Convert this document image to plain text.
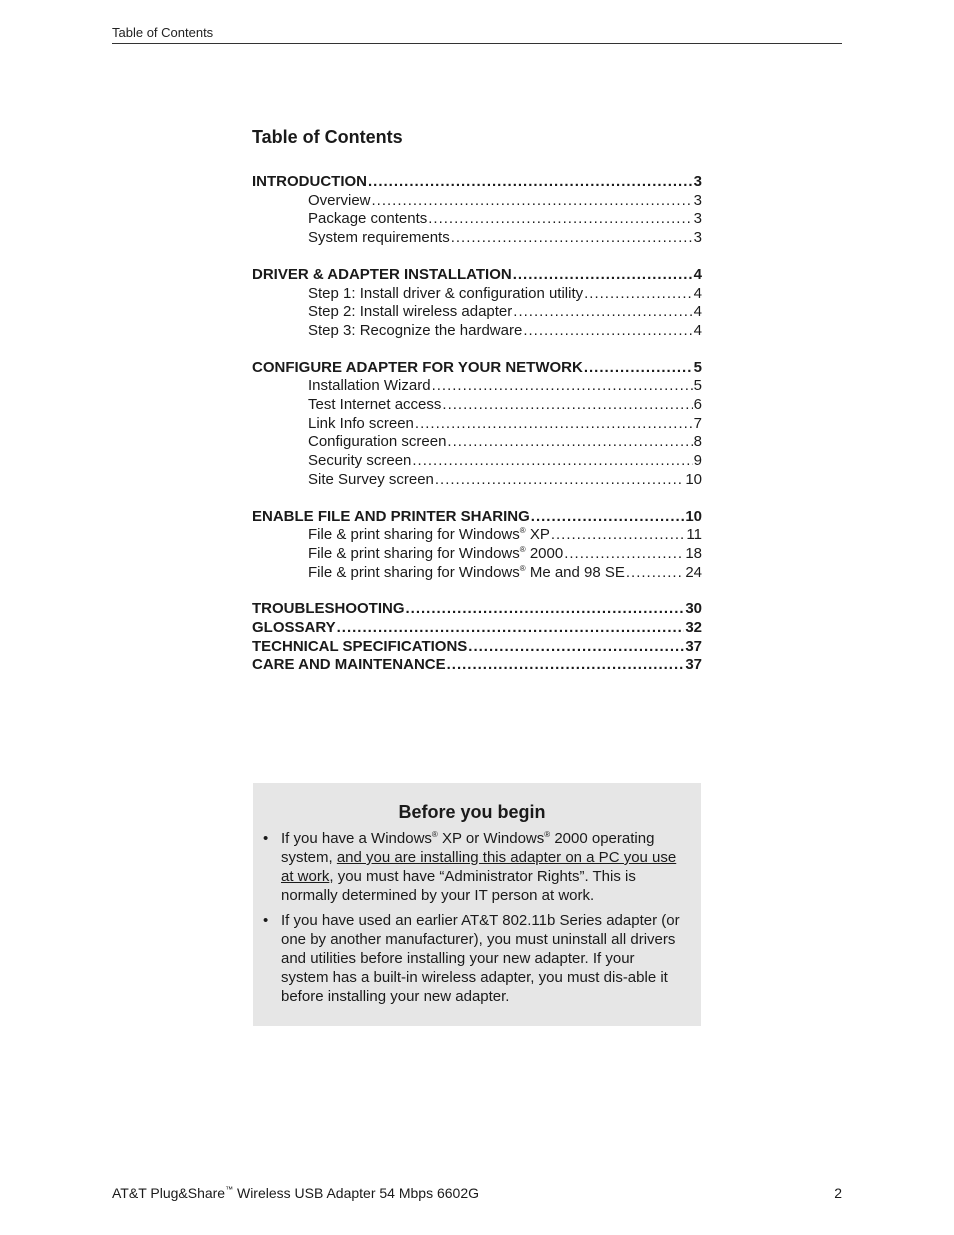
Table of Contents
Table of Contents
INTRODUCTION .....	3
Overview .....	3
Package contents .....	3
System requirements .....	3
DRIVER & ADAPTER INSTALLATION .....	4
Step 1: Install driver & configuration utility .....	4
Step 2: Install wireless adapter .....	4
Step 3: Recognize the hardware .....	4
CONFIGURE ADAPTER FOR YOUR NETWORK .....	5
Installation Wizard .....	5
Test Internet access .....	6
Link Info screen .....	7
Configuration screen .....	8
Security screen .....	9
Site Survey screen .....	10
ENABLE FILE AND PRINTER SHARING .....	10
File & print sharing for Windows® XP .....	11
File & print sharing for Windows® 2000 .....	18
File & print sharing for Windows® Me and 98 SE .....	24
TROUBLESHOOTING .....	30
GLOSSARY .....	32
TECHNICAL SPECIFICATIONS .....	37
CARE AND MAINTENANCE .....	37
Before you begin
• If you have a Windows® XP or Windows® 2000 operating system, and you are installing this adapter on a PC you use at work, you must have “Administrator Rights”. This is normally determined by your IT person at work.
• If you have used an earlier AT&T 802.11b Series adapter (or one by another manufacturer), you must uninstall all drivers and utilities before installing your new adapter. If your system has a built-in wireless adapter, you must dis-able it before installing your new adapter.
AT&T Plug&Share™ Wireless USB Adapter 54 Mbps 6602G	2
